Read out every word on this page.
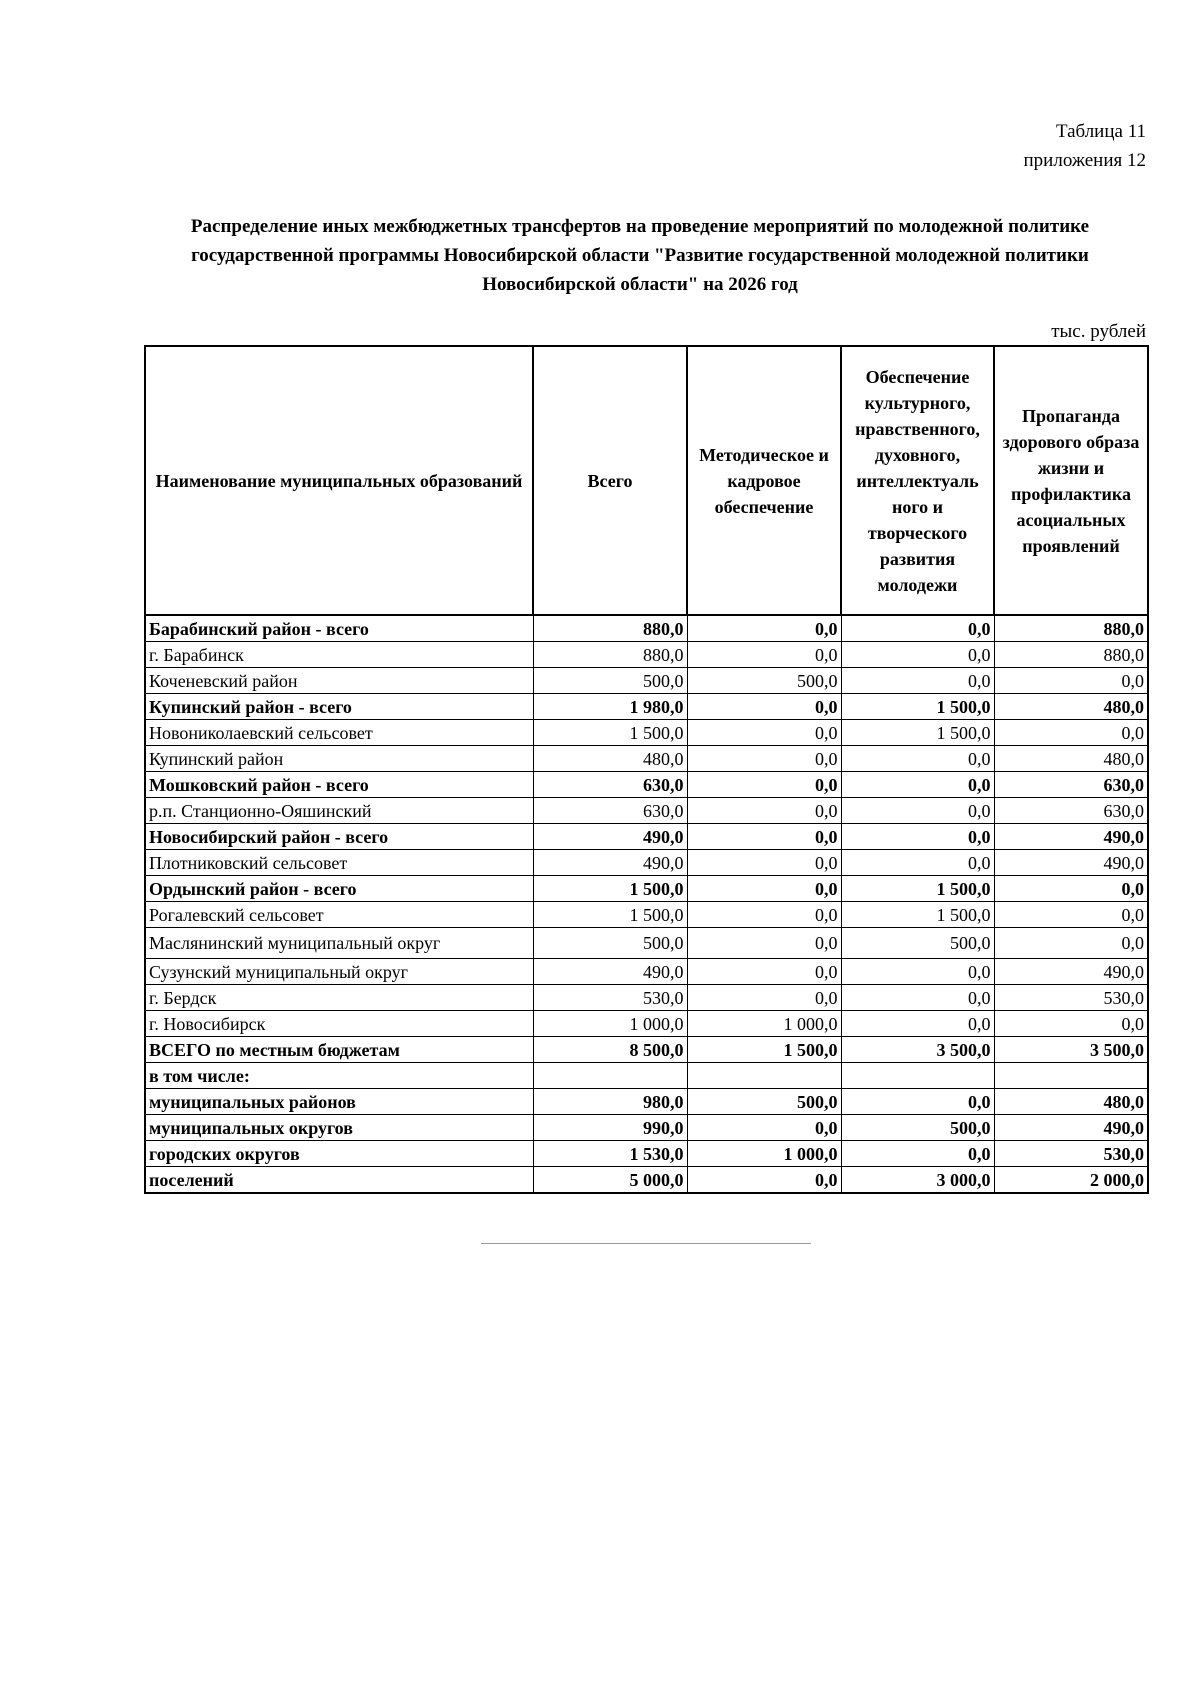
Таблица 11
приложения 12
Распределение иных межбюджетных трансфертов на проведение мероприятий по молодежной политике государственной программы Новосибирской области "Развитие государственной молодежной политики Новосибирской области" на 2026 год
тыс. рублей
Наименование муниципальных образований	Всего	Методическое и кадровое обеспечение	Обеспечение культурного, нравственного, духовного, интеллектуаль ного и творческого развития молодежи	Пропаганда здорового образа жизни и профилактика асоциальных проявлений
Барабинский район - всего	880,0	0,0	0,0	880,0
г. Барабинск	880,0	0,0	0,0	880,0
Коченевский район	500,0	500,0	0,0	0,0
Купинский район - всего	1 980,0	0,0	1 500,0	480,0
Новониколаевский сельсовет	1 500,0	0,0	1 500,0	0,0
Купинский район	480,0	0,0	0,0	480,0
Мошковский район - всего	630,0	0,0	0,0	630,0
р.п. Станционно-Ояшинский	630,0	0,0	0,0	630,0
Новосибирский район - всего	490,0	0,0	0,0	490,0
Плотниковский сельсовет	490,0	0,0	0,0	490,0
Ордынский район - всего	1 500,0	0,0	1 500,0	0,0
Рогалевский сельсовет	1 500,0	0,0	1 500,0	0,0
Маслянинский муниципальный округ	500,0	0,0	500,0	0,0
Сузунский муниципальный округ	490,0	0,0	0,0	490,0
г. Бердск	530,0	0,0	0,0	530,0
г. Новосибирск	1 000,0	1 000,0	0,0	0,0
ВСЕГО по местным бюджетам	8 500,0	1 500,0	3 500,0	3 500,0
в том числе:				
муниципальных районов	980,0	500,0	0,0	480,0
муниципальных округов	990,0	0,0	500,0	490,0
городских округов	1 530,0	1 000,0	0,0	530,0
поселений	5 000,0	0,0	3 000,0	2 000,0
